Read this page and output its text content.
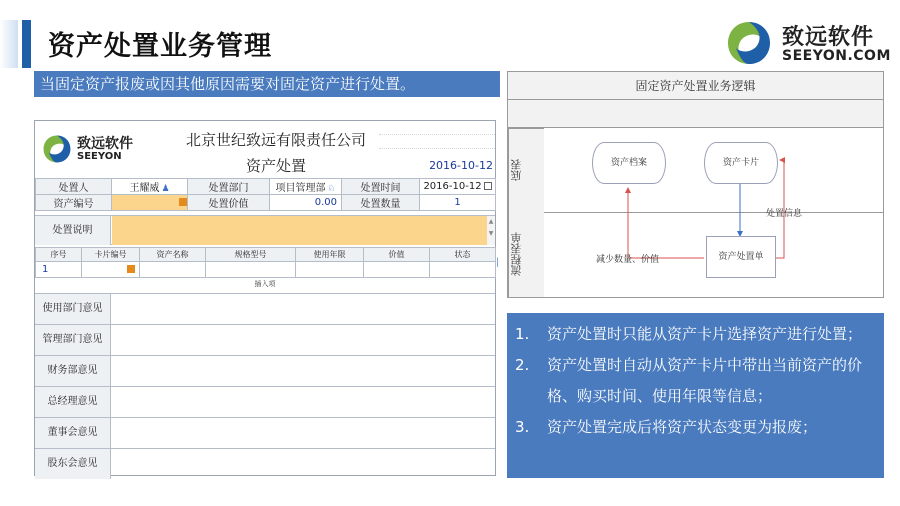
资产处置业务管理	致远软件
SEEYON.COM
当固定资产报废或因其他原因需要对固定资产进行处置。
致远软件
SEEYON
北京世纪致远有限责任公司
资产处置	2016-10-12
处置人	王耀威 ♟	处置部门	项目管理部 ♘	处置时间	2016-10-12
资产编号		处置价值	0.00	处置数量	1
处置说明
▲
▼
序号	卡片编号	资产名称	规格型号	使用年限	价值	状态
1						
插入项
使用部门意见
管理部门意见
财务部意见
总经理意见
董事会意见
股东会意见
│
固定资产处置业务逻辑
底表
流程表单
资产档案	资产卡片
资产处置单
处置信息
减少数量、价值
1.	资产处置时只能从资产卡片选择资产进行处置；
2.	资产处置时自动从资产卡片中带出当前资产的价格、购买时间、使用年限等信息；
3.	资产处置完成后将资产状态变更为报废；
